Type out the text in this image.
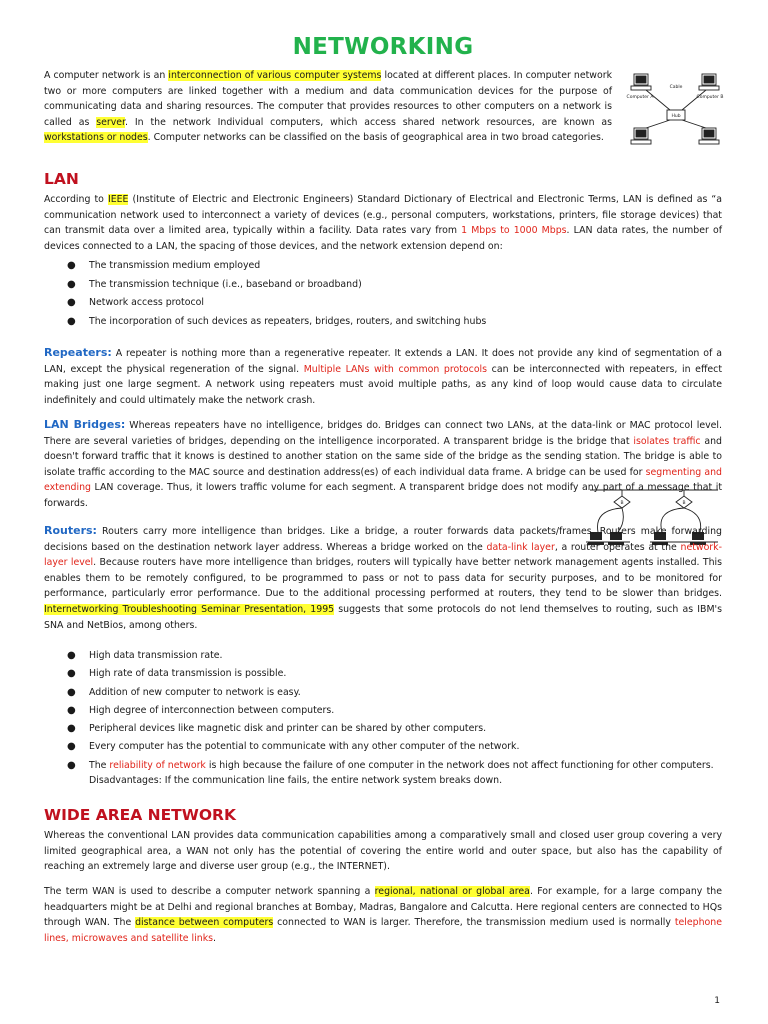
NETWORKING

A computer network is an interconnection of various computer systems located at different places. In computer network two or more computers are linked together with a medium and data communication devices for the purpose of communicating data and sharing resources. The computer that provides resources to other computers on a network is called as server. In the network Individual computers, which access shared network resources, are known as workstations or nodes. Computer networks can be classified on the basis of geographical area in two broad categories.

Cable
Computer A	Computer B
Hub
LAN

According to IEEE (Institute of Electric and Electronic Engineers) Standard Dictionary of Electrical and Electronic Terms, LAN is defined as “a communication network used to interconnect a variety of devices (e.g., personal computers, workstations, printers, file storage devices) that can transmit data over a limited area, typically within a facility. Data rates vary from 1 Mbps to 1000 Mbps. LAN data rates, the number of devices connected to a LAN, the spacing of those devices, and the network extension depend on:

● The transmission medium employed
● The transmission technique (i.e., baseband or broadband)
● Network access protocol
● The incorporation of such devices as repeaters, bridges, routers, and switching hubs

Repeaters: A repeater is nothing more than a regenerative repeater. It extends a LAN. It does not provide any kind of segmentation of a LAN, except the physical regeneration of the signal. Multiple LANs with common protocols can be interconnected with repeaters, in effect making just one large segment. A network using repeaters must avoid multiple paths, as any kind of loop would cause data to circulate indefinitely and could ultimately make the network crash.

LAN Bridges: Whereas repeaters have no intelligence, bridges do. Bridges can connect two LANs, at the data-link or MAC protocol level. There are several varieties of bridges, depending on the intelligence incorporated. A transparent bridge is the bridge that isolates traffic and doesn't forward traffic that it knows is destined to another station on the same side of the bridge as the sending station. The bridge is able to isolate traffic according to the MAC source and destination address(es) of each individual data frame. A bridge can be used for segmenting and extending LAN coverage. Thus, it lowers traffic volume for each segment. A transparent bridge does not modify any part of a message that it forwards.	B	B

Routers: Routers carry more intelligence than bridges. Like a bridge, a router forwards data packets/frames. Routers make forwarding decisions based on the destination network layer address. Whereas a bridge worked on the data-link layer, a router operates at the network-layer level. Because routers have more intelligence than bridges, routers will typically have better network management agents installed. This enables them to be remotely configured, to be programmed to pass or not to pass data for security purposes, and to be monitored for performance, particularly error performance. Due to the additional processing performed at routers, they tend to be slower than bridges. Internetworking Troubleshooting Seminar Presentation, 1995 suggests that some protocols do not lend themselves to routing, such as IBM's SNA and NetBios, among others.

● High data transmission rate.
● High rate of data transmission is possible.
● Addition of new computer to network is easy.
● High degree of interconnection between computers.
● Peripheral devices like magnetic disk and printer can be shared by other computers.
● Every computer has the potential to communicate with any other computer of the network.
● The reliability of network is high because the failure of one computer in the network does not affect functioning for other computers.
Disadvantages: If the communication line fails, the entire network system breaks down.
WIDE AREA NETWORK

Whereas the conventional LAN provides data communication capabilities among a comparatively small and closed user group covering a very limited geographical area, a WAN not only has the potential of covering the entire world and outer space, but also has the capability of reaching an extremely large and diverse user group (e.g., the INTERNET).

The term WAN is used to describe a computer network spanning a regional, national or global area. For example, for a large company the headquarters might be at Delhi and regional branches at Bombay, Madras, Bangalore and Calcutta. Here regional centers are connected to HQs through WAN. The distance between computers connected to WAN is larger. Therefore, the transmission medium used is normally telephone lines, microwaves and satellite links.

1
